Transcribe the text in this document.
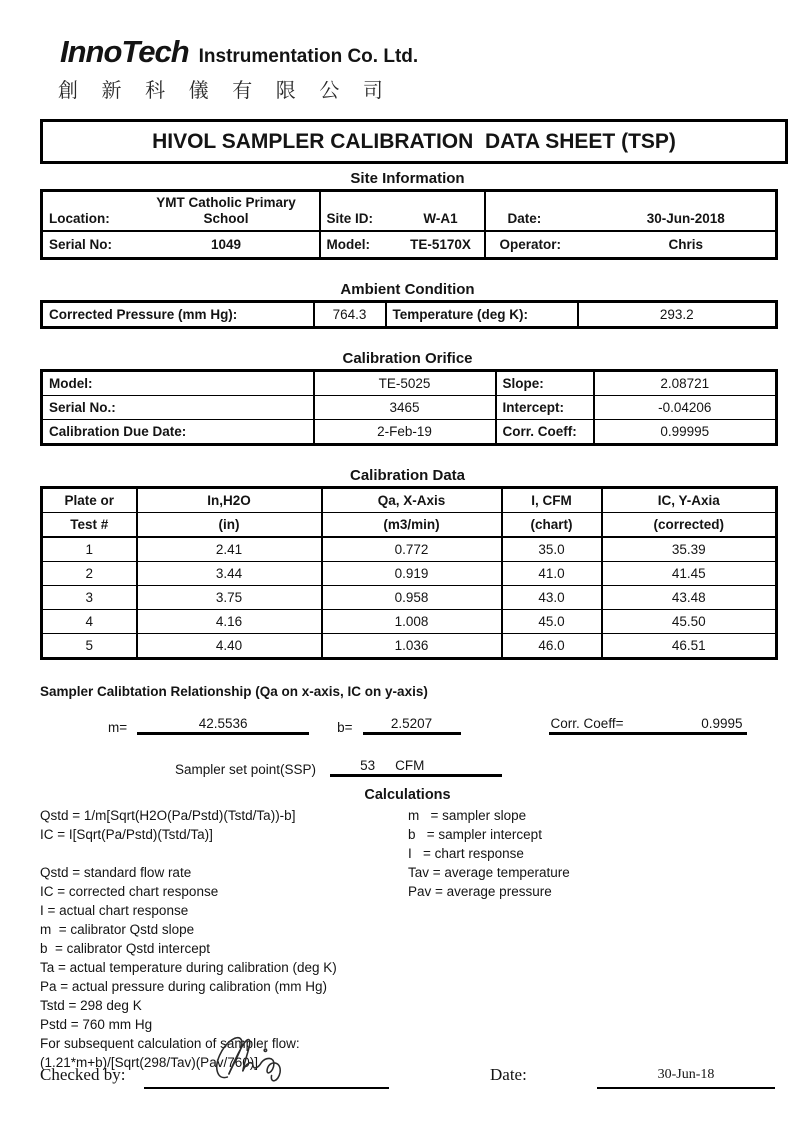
InnoTech Instrumentation Co. Ltd.
創 新 科 儀 有 限 公 司
HIVOL SAMPLER CALIBRATION  DATA SHEET (TSP)
Site Information
Location:	YMT Catholic Primary School	Site ID:	W-A1	Date:	30-Jun-2018
Serial No:	1049	Model:	TE-5170X	Operator:	Chris
Ambient Condition
Corrected Pressure (mm Hg):	764.3	Temperature (deg K):	293.2
Calibration Orifice
Model:	TE-5025	Slope:	2.08721
Serial No.:	3465	Intercept:	-0.04206
Calibration Due Date:	2-Feb-19	Corr. Coeff:	0.99995
Calibration Data
Plate or	In,H2O	Qa, X-Axis	I, CFM	IC, Y-Axia
Test #	(in)	(m3/min)	(chart)	(corrected)
1	2.41	0.772	35.0	35.39
2	3.44	0.919	41.0	41.45
3	3.75	0.958	43.0	43.48
4	4.16	1.008	45.0	45.50
5	4.40	1.036	46.0	46.51
Sampler Calibtation Relationship (Qa on x-axis, IC on y-axis)
m=	42.5536	b=	2.5207	Corr. Coeff=	0.9995
Sampler set point(SSP)	53	CFM
Calculations
Qstd = 1/m[Sqrt(H2O(Pa/Pstd)(Tstd/Ta))-b]
IC = I[Sqrt(Pa/Pstd)(Tstd/Ta)]
Qstd = standard flow rate
IC = corrected chart response
I = actual chart response
m  = calibrator Qstd slope
b  = calibrator Qstd intercept
Ta = actual temperature during calibration (deg K)
Pa = actual pressure during calibration (mm Hg)
Tstd = 298 deg K
Pstd = 760 mm Hg
For subsequent calculation of sampler flow:
(1.21*m+b)/[Sqrt(298/Tav)(Pav/760)]
m   = sampler slope
b   = sampler intercept
I   = chart response
Tav = average temperature
Pav = average pressure
Checked by:	Date:	30-Jun-18
